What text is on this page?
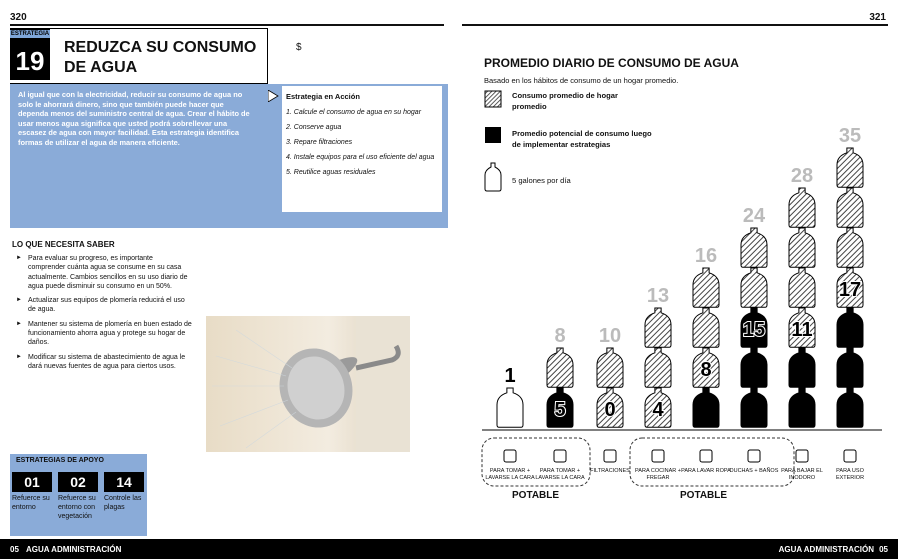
320	321
ESTRATEGIA
19	REDUZCA SU CONSUMO DE AGUA
$
Al igual que con la electricidad, reducir su consumo de agua no solo le ahorrará dinero, sino que también puede hacer que dependa menos del suministro central de agua. Crear el hábito de usar menos agua significa que usted podrá sobrellevar una escasez de agua con mayor facilidad. Esta estrategia identifica formas de utilizar el agua de manera eficiente.
Estrategia en Acción
1. Calcule el consumo de agua en su hogar
2. Conserve agua
3. Repare filtraciones
4. Instale equipos para el uso eficiente del agua
5. Reutilice aguas residuales
LO QUE NECESITA SABER
► Para evaluar su progreso, es importante comprender cuánta agua se consume en su casa actualmente. Cambios sencillos en su uso diario de agua puede disminuir su consumo en un 50%.
► Actualizar sus equipos de plomería reducirá el uso de agua.
► Mantener su sistema de plomería en buen estado de funcionamiento ahorra agua y protege su hogar de daños.
► Modificar su sistema de abastecimiento de agua le dará nuevas fuentes de agua para ciertos usos.
ESTRATEGIAS DE APOYO
01	02	14
Refuerce su entorno
Refuerce su entorno con vegetación
Controle las plagas
PROMEDIO DIARIO DE CONSUMO DE AGUA
Basado en los hábitos de consumo de un hogar promedio.
Consumo promedio de hogar promedio
Promedio potencial de consumo luego de implementar estrategias
5 galones por día
1
8
5
10
0
13
4
16
8
24
15
28
11
35
17
POTABLE	POTABLE
PARA TOMAR + LAVARSE LA CARA
PARA TOMAR + LAVARSE LA CARA
FILTRACIONES PARA COCINAR + FREGAR
PARA LAVAR ROPA
DUCHAS + BAÑOS PARA BAJAR EL INODORO
PARA USO EXTERIOR
05 AGUA ADMINISTRACIÓN	AGUA ADMINISTRACIÓN 05
